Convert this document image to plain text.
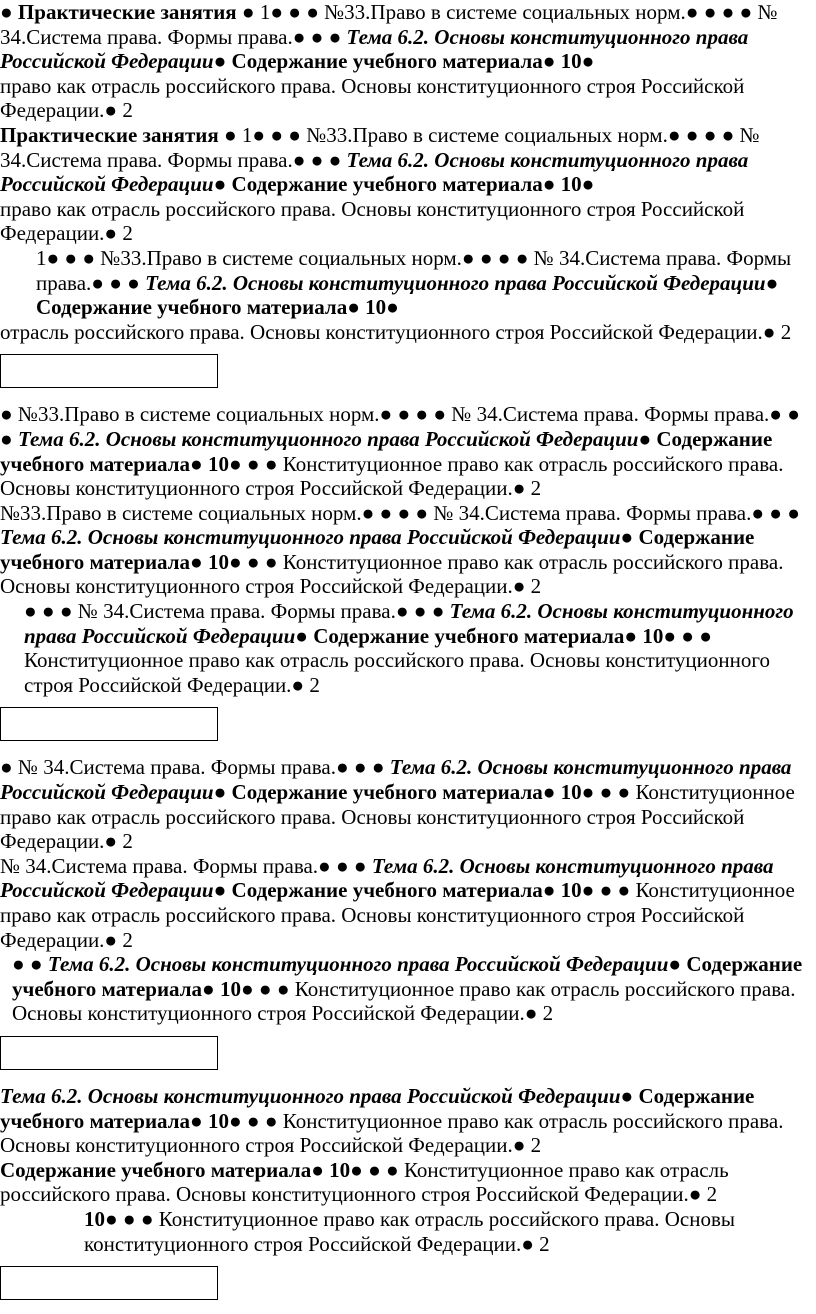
● Практические занятия ● 1● ● ● №33.Право в системе социальных норм.● ● ● ● № 34.Система права. Формы права.● ● ● Тема 6.2. Основы конституционного права Российской Федерации● Содержание учебного материала● 10●
право как отрасль российского права. Основы конституционного строя Российской Федерации.● 2
Практические занятия ● 1● ● ● №33.Право в системе социальных норм.● ● ● ● № 34.Система права. Формы права.● ● ● Тема 6.2. Основы конституционного права Российской Федерации● Содержание учебного материала● 10●
право как отрасль российского права. Основы конституционного строя Российской Федерации.● 2
1● ● ● №33.Право в системе социальных норм.● ● ● ● № 34.Система права. Формы права.● ● ● Тема 6.2. Основы конституционного права Российской Федерации● Содержание учебного материала● 10●
отрасль российского права. Основы конституционного строя Российской Федерации.● 2
● №33.Право в системе социальных норм.● ● ● ● № 34.Система права. Формы права.● ● ● Тема 6.2. Основы конституционного права Российской Федерации● Содержание учебного материала● 10● ● ● Конституционное право как отрасль российского права. Основы конституционного строя Российской Федерации.● 2
№33.Право в системе социальных норм.● ● ● ● № 34.Система права. Формы права.● ● ● Тема 6.2. Основы конституционного права Российской Федерации● Содержание учебного материала● 10● ● ● Конституционное право как отрасль российского права. Основы конституционного строя Российской Федерации.● 2
● ● ● № 34.Система права. Формы права.● ● ● Тема 6.2. Основы конституционного права Российской Федерации● Содержание учебного материала● 10● ● ● Конституционное право как отрасль российского права. Основы конституционного строя Российской Федерации.● 2
● № 34.Система права. Формы права.● ● ● Тема 6.2. Основы конституционного права Российской Федерации● Содержание учебного материала● 10● ● ● Конституционное право как отрасль российского права. Основы конституционного строя Российской Федерации.● 2
№ 34.Система права. Формы права.● ● ● Тема 6.2. Основы конституционного права Российской Федерации● Содержание учебного материала● 10● ● ● Конституционное право как отрасль российского права. Основы конституционного строя Российской Федерации.● 2
● ● Тема 6.2. Основы конституционного права Российской Федерации● Содержание учебного материала● 10● ● ● Конституционное право как отрасль российского права. Основы конституционного строя Российской Федерации.● 2
Тема 6.2. Основы конституционного права Российской Федерации● Содержание учебного материала● 10● ● ● Конституционное право как отрасль российского права. Основы конституционного строя Российской Федерации.● 2
Содержание учебного материала● 10● ● ● Конституционное право как отрасль российского права. Основы конституционного строя Российской Федерации.● 2
10● ● ● Конституционное право как отрасль российского права. Основы конституционного строя Российской Федерации.● 2
